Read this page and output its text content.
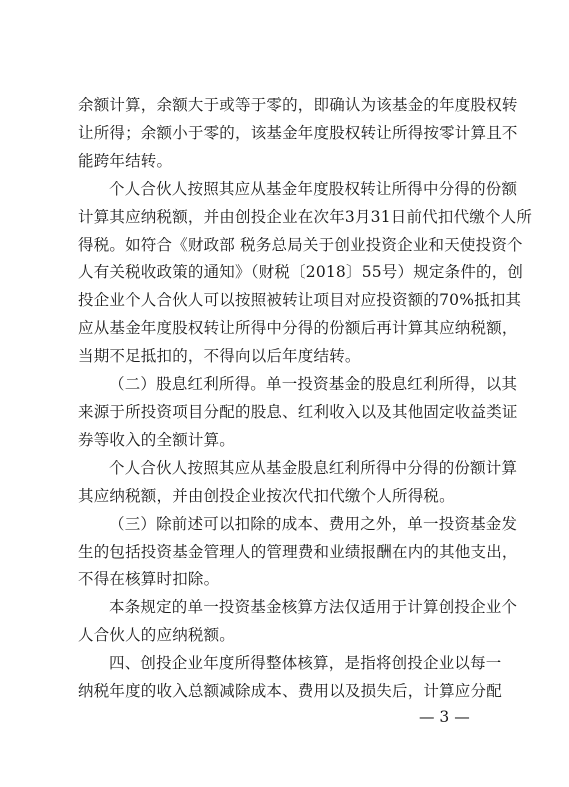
余额计算，余额大于或等于零的，即确认为该基金的年度股权转
让所得；余额小于零的，该基金年度股权转让所得按零计算且不
能跨年结转。
个人合伙人按照其应从基金年度股权转让所得中分得的份额
计算其应纳税额，并由创投企业在次年3月31日前代扣代缴个人所
得税。如符合《财政部 税务总局关于创业投资企业和天使投资个
人有关税收政策的通知》（财税〔2018〕55号）规定条件的，创
投企业个人合伙人可以按照被转让项目对应投资额的70%抵扣其
应从基金年度股权转让所得中分得的份额后再计算其应纳税额，
当期不足抵扣的，不得向以后年度结转。
（二）股息红利所得。单一投资基金的股息红利所得，以其
来源于所投资项目分配的股息、红利收入以及其他固定收益类证
券等收入的全额计算。
个人合伙人按照其应从基金股息红利所得中分得的份额计算
其应纳税额，并由创投企业按次代扣代缴个人所得税。
（三）除前述可以扣除的成本、费用之外，单一投资基金发
生的包括投资基金管理人的管理费和业绩报酬在内的其他支出，
不得在核算时扣除。
本条规定的单一投资基金核算方法仅适用于计算创投企业个
人合伙人的应纳税额。
四、创投企业年度所得整体核算，是指将创投企业以每一
纳税年度的收入总额减除成本、费用以及损失后，计算应分配
— 3 —
